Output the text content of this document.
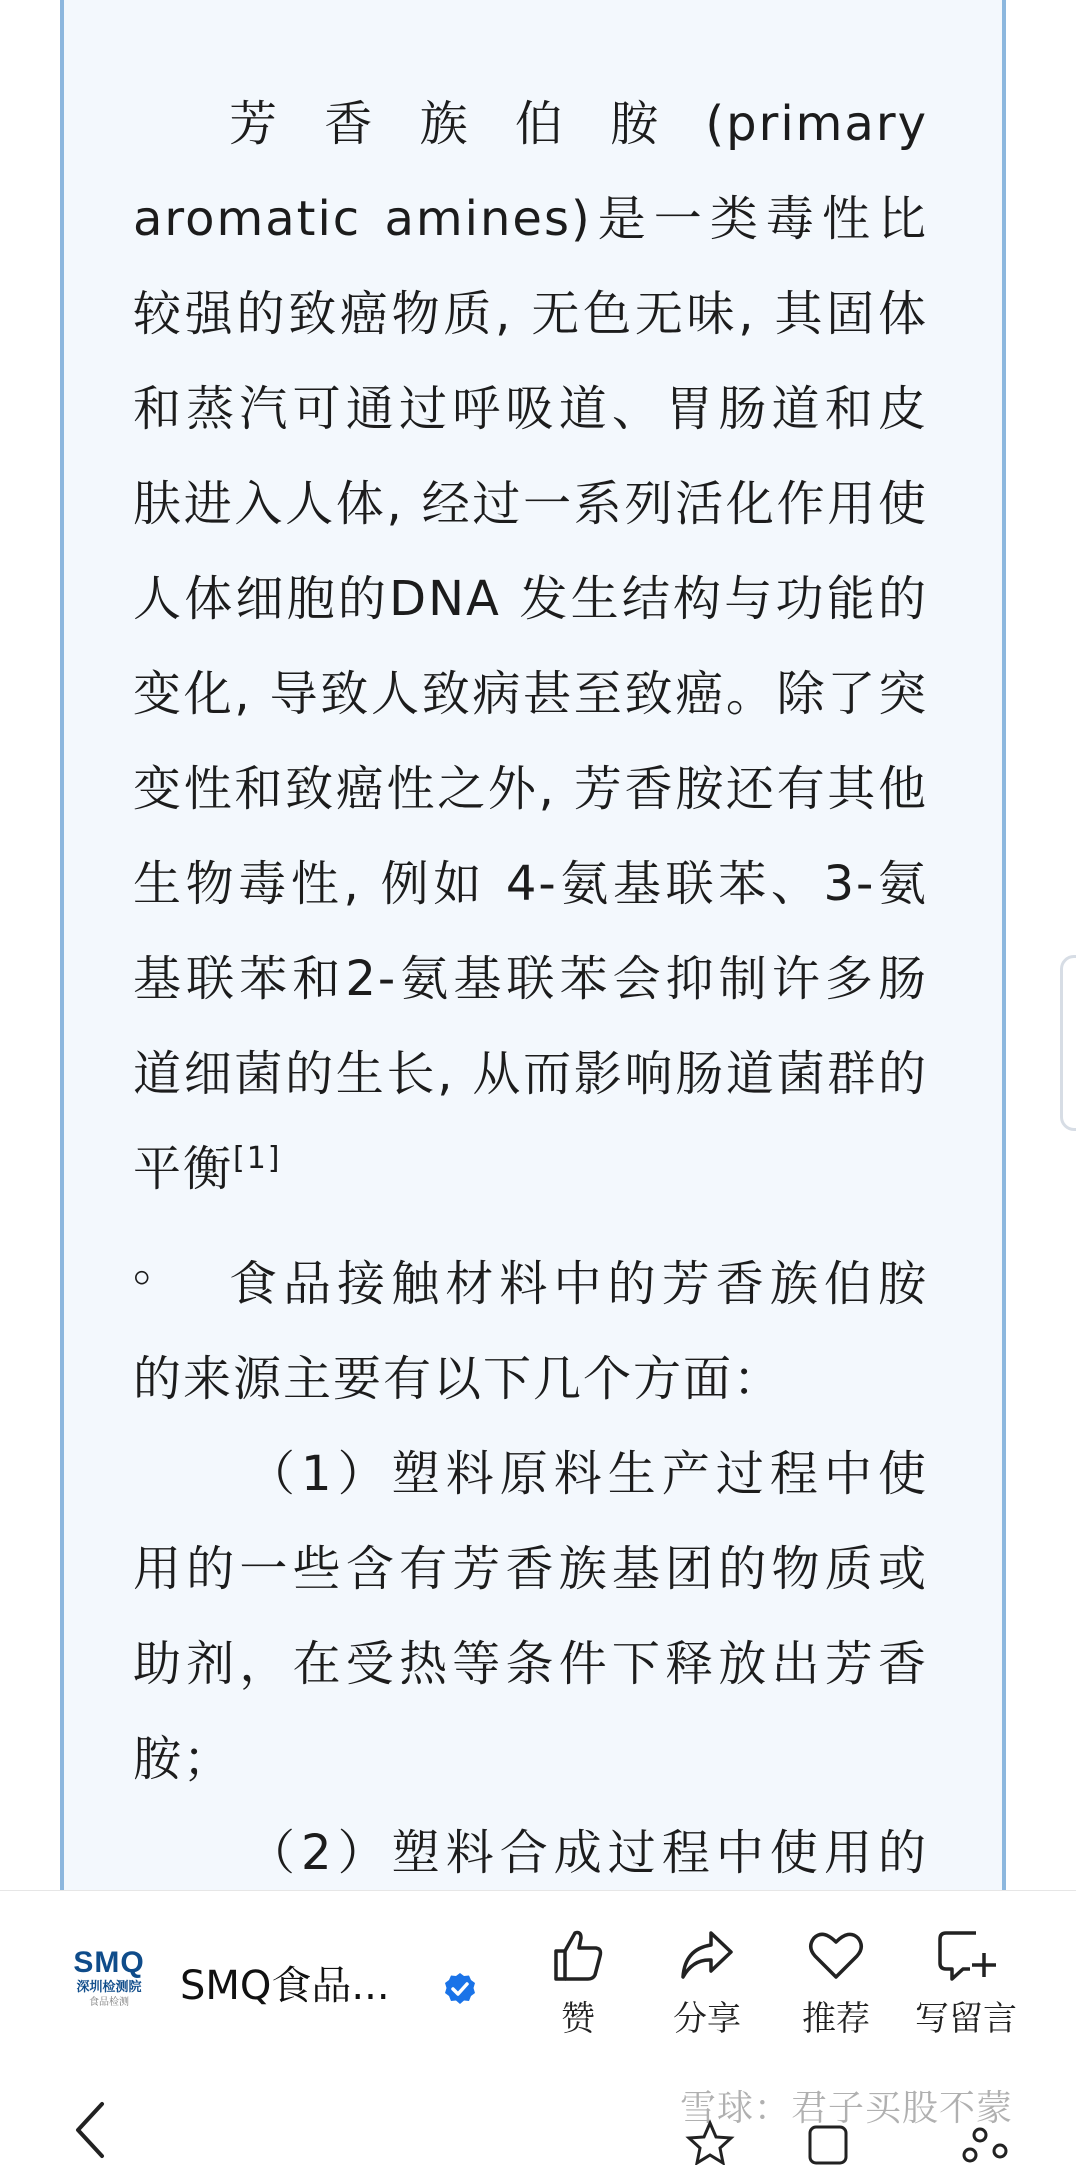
芳香族伯胺(primary aromatic amines)是一类毒性比较强的致癌物质, 无色无味, 其固体和蒸汽可通过呼吸道、胃肠道和皮肤进入人体, 经过一系列活化作用使人体细胞的DNA 发生结构与功能的变化, 导致人致病甚至致癌。除了突变性和致癌性之外, 芳香胺还有其他生物毒性, 例如 4-氨基联苯、3-氨基联苯和2-氨基联苯会抑制许多肠道细菌的生长, 从而影响肠道菌群的平衡[1]
。 食品接触材料中的芳香族伯胺的来源主要有以下几个方面：

（1）塑料原料生产过程中使用的一些含有芳香族基团的物质或助剂，在受热等条件下释放出芳香胺；

（2）塑料合成过程中使用的

SMQ
深圳检测院
食品检测	SMQ食品...
赞	分享	推荐	写留言
雪球：君子买股不蒙
